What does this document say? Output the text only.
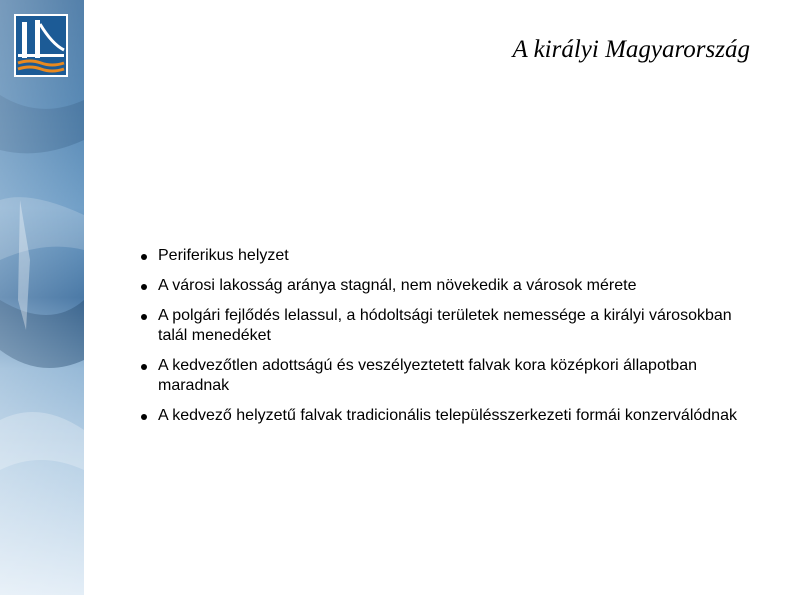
A királyi Magyarország
Periferikus helyzet
A városi lakosság aránya stagnál, nem növekedik a városok mérete
A polgári fejlődés lelassul, a hódoltsági területek nemessége a királyi városokban talál menedéket
A kedvezőtlen adottságú és veszélyeztetett falvak kora középkori állapotban maradnak
A kedvező helyzetű falvak tradicionális településszerkezeti formái konzerválódnak
